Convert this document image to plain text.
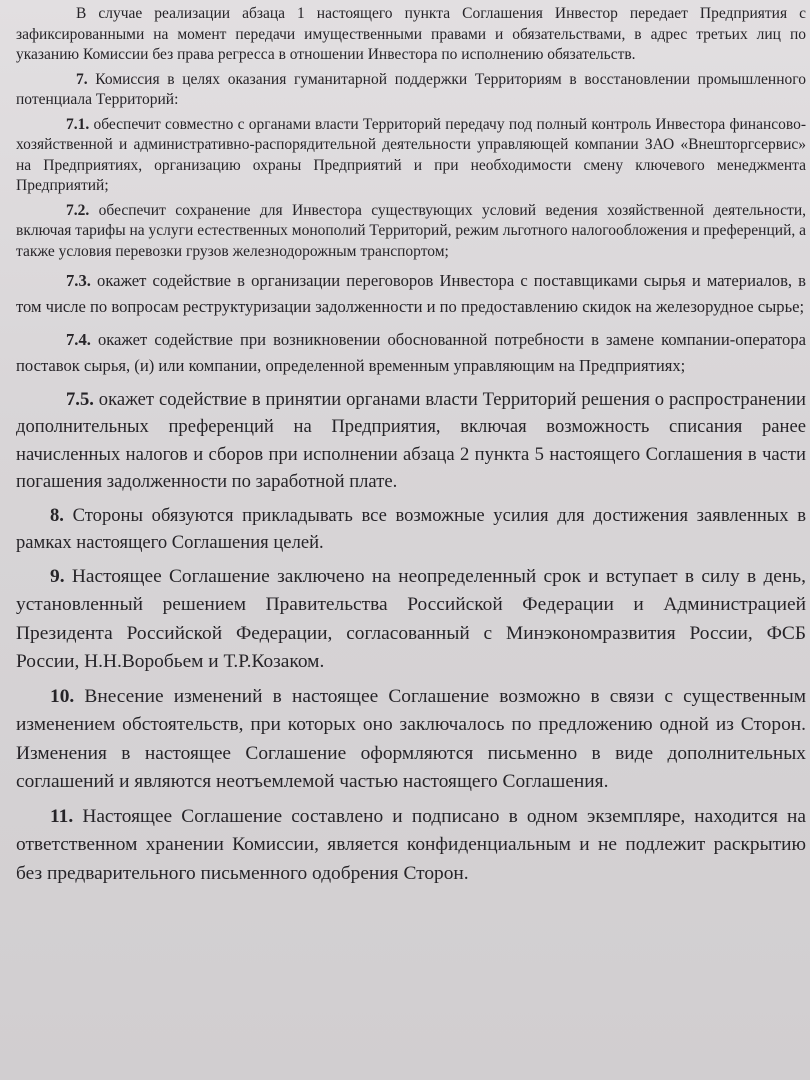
В случае реализации абзаца 1 настоящего пункта Соглашения Инвестор передает Предприятия с зафиксированными на момент передачи имущественными правами и обязательствами, в адрес третьих лиц по указанию Комиссии без права регресса в отношении Инвестора по исполнению обязательств.

7. Комиссия в целях оказания гуманитарной поддержки Территориям в восстановлении промышленного потенциала Территорий:

7.1. обеспечит совместно с органами власти Территорий передачу под полный контроль Инвестора финансово-хозяйственной и административно-распорядительной деятельности управляющей компании ЗАО «Внешторгсервис» на Предприятиях, организацию охраны Предприятий и при необходимости смену ключевого менеджмента Предприятий;

7.2. обеспечит сохранение для Инвестора существующих условий ведения хозяйственной деятельности, включая тарифы на услуги естественных монополий Территорий, режим льготного налогообложения и преференций, а также условия перевозки грузов железнодорожным транспортом;

7.3. окажет содействие в организации переговоров Инвестора с поставщиками сырья и материалов, в том числе по вопросам реструктуризации задолженности и по предоставлению скидок на железорудное сырье;

7.4. окажет содействие при возникновении обоснованной потребности в замене компании-оператора поставок сырья, (и) или компании, определенной временным управляющим на Предприятиях;

7.5. окажет содействие в принятии органами власти Территорий решения о распространении дополнительных преференций на Предприятия, включая возможность списания ранее начисленных налогов и сборов при исполнении абзаца 2 пункта 5 настоящего Соглашения в части погашения задолженности по заработной плате.

8. Стороны обязуются прикладывать все возможные усилия для достижения заявленных в рамках настоящего Соглашения целей.

9. Настоящее Соглашение заключено на неопределенный срок и вступает в силу в день, установленный решением Правительства Российской Федерации и Администрацией Президента Российской Федерации, согласованный с Минэкономразвития России, ФСБ России, Н.Н.Воробьем и Т.Р.Козаком.

10. Внесение изменений в настоящее Соглашение возможно в связи с существенным изменением обстоятельств, при которых оно заключалось по предложению одной из Сторон. Изменения в настоящее Соглашение оформляются письменно в виде дополнительных соглашений и являются неотъемлемой частью настоящего Соглашения.

11. Настоящее Соглашение составлено и подписано в одном экземпляре, находится на ответственном хранении Комиссии, является конфиденциальным и не подлежит раскрытию без предварительного письменного одобрения Сторон.
